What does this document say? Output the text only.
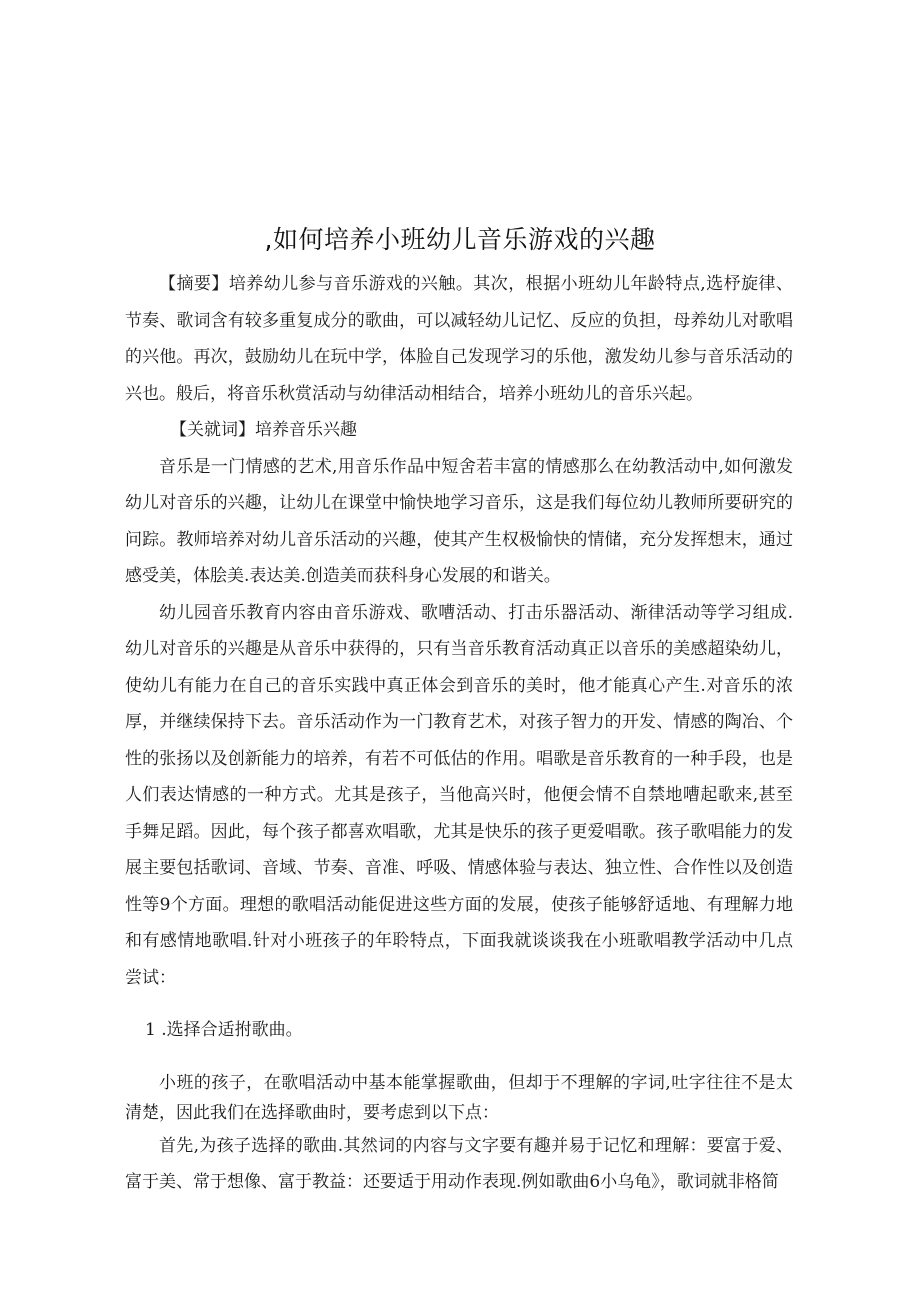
,如何培养小班幼儿音乐游戏的兴趣

【摘要】培养幼儿参与音乐游戏的兴触。其次，根据小班幼儿年龄特点,选杼旋律、节奏、歌词含有较多重复成分的歌曲，可以减轻幼儿记忆、反应的负担，母养幼儿对歌唱的兴他。再次，鼓励幼儿在玩中学，体脸自己发现学习的乐他，激发幼儿参与音乐活动的兴也。般后，将音乐秋赏活动与幼律活动相结合，培养小班幼儿的音乐兴起。

【关就词】培养音乐兴趣

音乐是一门情感的艺术,用音乐作品中短舍若丰富的情感那么在幼教活动中,如何激发幼儿对音乐的兴趣，让幼儿在课堂中愉快地学习音乐，这是我们每位幼儿教师所要研究的问踪。教师培养对幼儿音乐活动的兴趣，使其产生权极愉快的情储，充分发挥想末，通过感受美，体脍美.表达美.创造美而获科身心发展的和谐关。

幼儿园音乐教育内容由音乐游戏、歌嘈活动、打击乐器活动、渐律活动等学习组成.幼儿对音乐的兴趣是从音乐中获得的，只有当音乐教育活动真正以音乐的美感超染幼儿，使幼儿有能力在自己的音乐实践中真正体会到音乐的美时，他才能真心产生.对音乐的浓厚，并继续保持下去。音乐活动作为一门教育艺术，对孩子智力的开发、情感的陶冶、个性的张扬以及创新能力的培养，有若不可低估的作用。唱歌是音乐教育的一种手段，也是人们表达情感的一种方式。尤其是孩子，当他高兴时，他便会情不自禁地嘈起歌来,甚至手舞足蹈。因此，每个孩子都喜欢唱歌，尤其是快乐的孩子更爱唱歌。孩子歌唱能力的发展主要包括歌词、音域、节奏、音准、呼吸、情感体验与表达、独立性、合作性以及创造性等9个方面。理想的歌唱活动能促进这些方面的发展，使孩子能够舒适地、有理解力地和有感情地歌唱.针对小班孩子的年聆特点，下面我就谈谈我在小班歌唱教学活动中几点尝试：

1 .选择合适拊歌曲。

小班的孩子，在歌唱活动中基本能掌握歌曲，但却于不理解的字词,吐字往往不是太清楚，因此我们在选择歌曲时，要考虑到以下点：

首先,为孩子选择的歌曲.其然词的内容与文字要有趣并易于记忆和理解：要富于爱、富于美、常于想像、富于教益：还要适于用动作表现.例如歌曲6小乌龟》，歌词就非格简
